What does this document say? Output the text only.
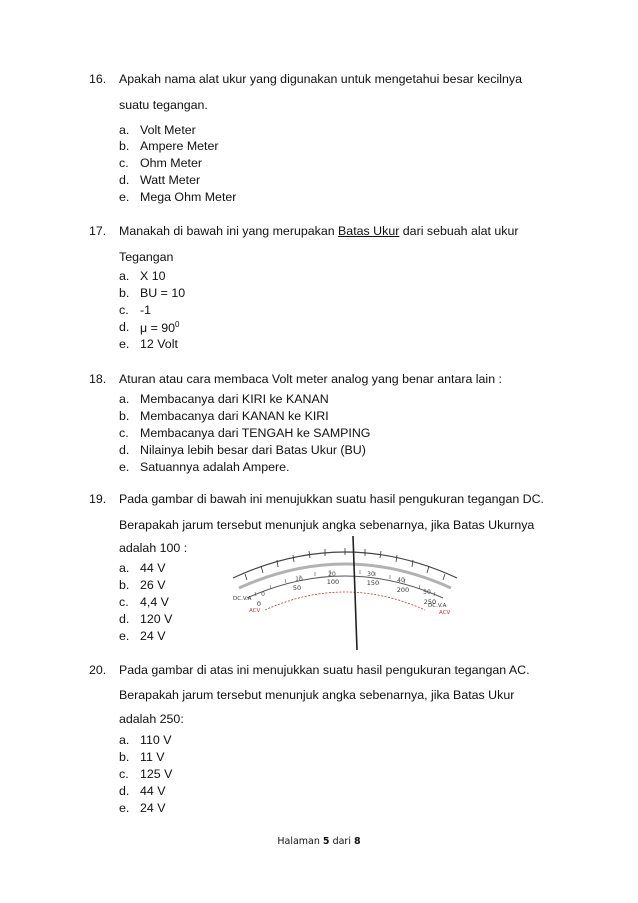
16. Apakah nama alat ukur yang digunakan untuk mengetahui besar kecilnya
suatu tegangan.
a. Volt Meter
b. Ampere Meter
c. Ohm Meter
d. Watt Meter
e. Mega Ohm Meter
17. Manakah di bawah ini yang merupakan Batas Ukur dari sebuah alat ukur
Tegangan
a. X 10
b. BU = 10
c. -1
d. $\mu = 90^0$
e. 12 Volt
18. Aturan atau cara membaca Volt meter analog yang benar antara lain :
a. Membacanya dari KIRI ke KANAN
b. Membacanya dari KANAN ke KIRI
c. Membacanya dari TENGAH ke SAMPING
d. Nilainya lebih besar dari Batas Ukur (BU)
e. Satuannya adalah Ampere.
19. Pada gambar di bawah ini menujukkan suatu hasil pengukuran tegangan DC.
Berapakah jarum tersebut menunjuk angka sebenarnya, jika Batas Ukurnya
adalah 100 :
a. 44 V
b. 26 V
c. 4,4 V
d. 120 V
e. 24 V
0
50
100	150
200
250
0
10
20	30
40
50
DC.V.A
DC.V.A
ACV	ACV
20. Pada gambar di atas ini menujukkan suatu hasil pengukuran tegangan AC.
Berapakah jarum tersebut menunjuk angka sebenarnya, jika Batas Ukur
adalah 250:
a. 110 V
b. 11 V
c. 125 V
d. 44 V
e. 24 V
Halaman 5 dari 8
